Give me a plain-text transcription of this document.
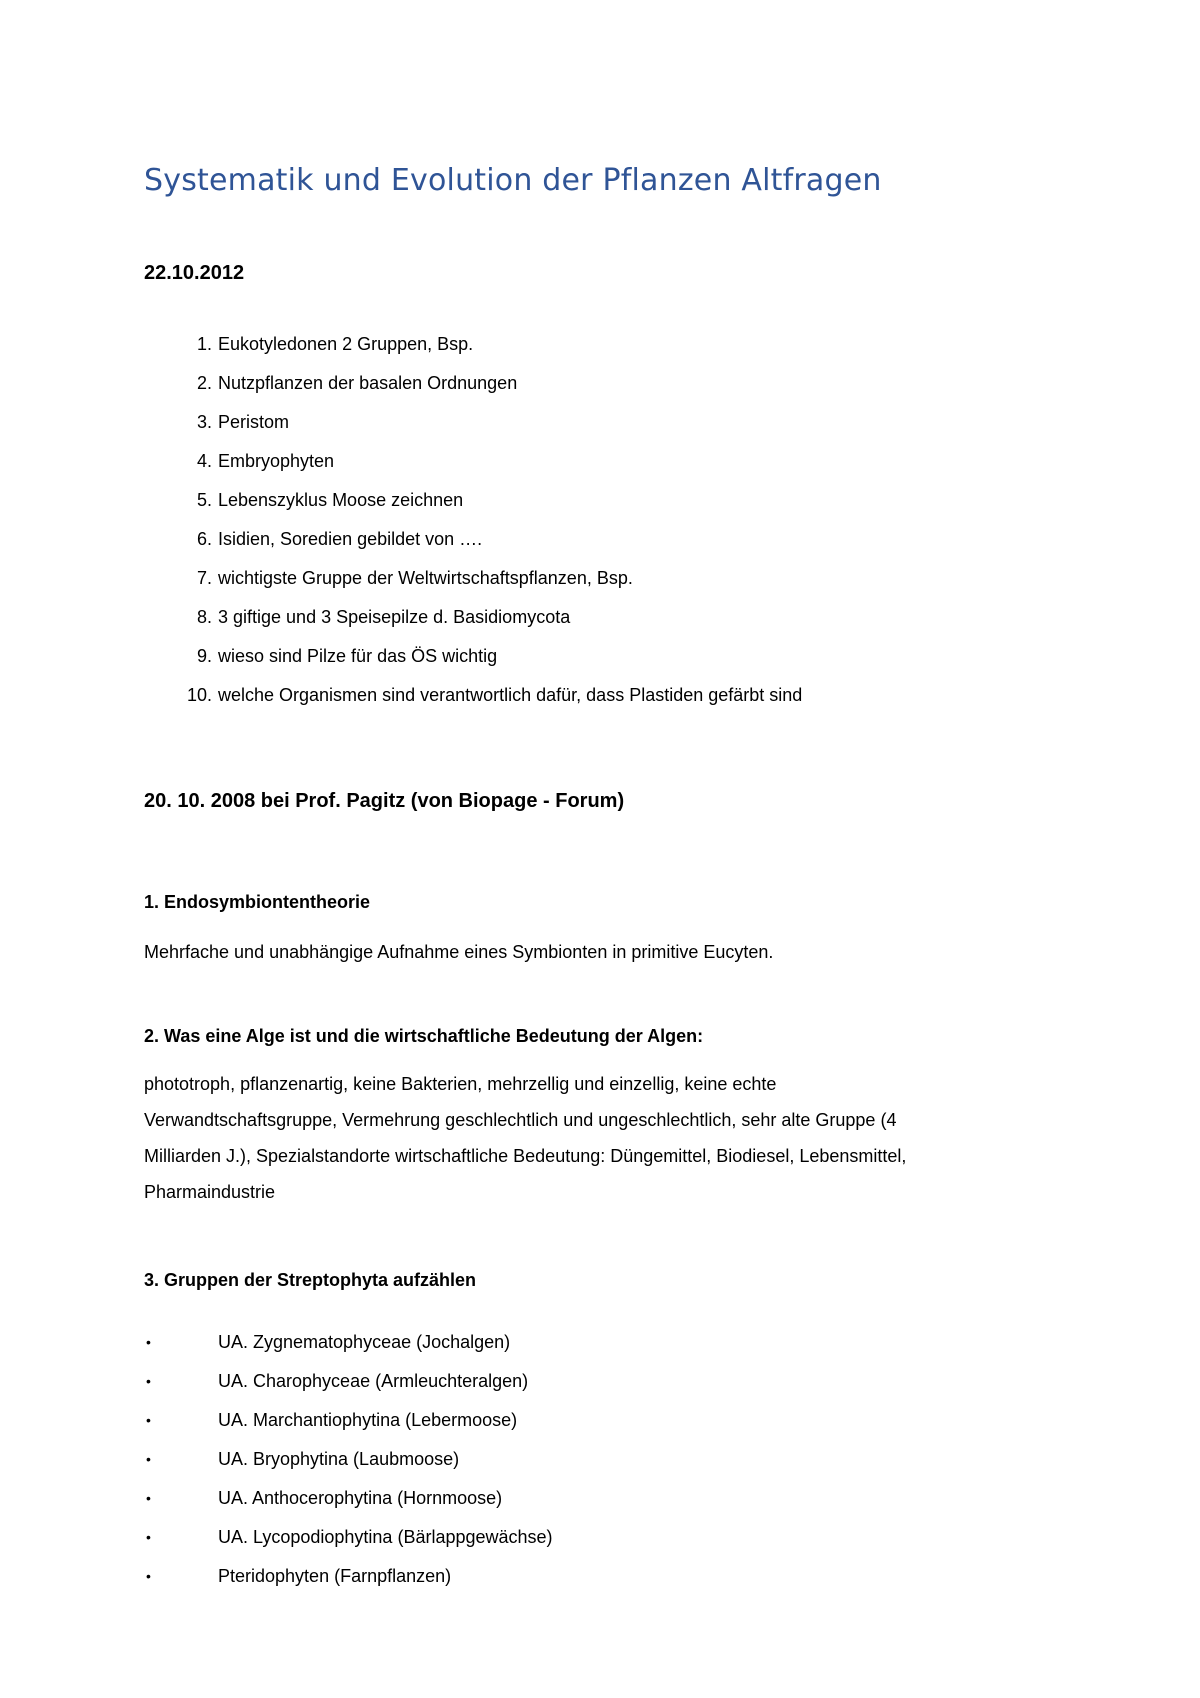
Systematik und Evolution der Pflanzen Altfragen
22.10.2012
1. Eukotyledonen 2 Gruppen, Bsp.
2. Nutzpflanzen der basalen Ordnungen
3. Peristom
4. Embryophyten
5. Lebenszyklus Moose zeichnen
6. Isidien, Soredien gebildet von ….
7. wichtigste Gruppe der Weltwirtschaftspflanzen, Bsp.
8. 3 giftige und 3 Speisepilze d. Basidiomycota
9. wieso sind Pilze für das ÖS wichtig
10. welche Organismen sind verantwortlich dafür, dass Plastiden gefärbt sind
20. 10. 2008 bei Prof. Pagitz (von Biopage - Forum)
1. Endosymbiontentheorie
Mehrfache und unabhängige Aufnahme eines Symbionten in primitive Eucyten.
2. Was eine Alge ist und die wirtschaftliche Bedeutung der Algen:
phototroph, pflanzenartig, keine Bakterien, mehrzellig und einzellig, keine echte
Verwandtschaftsgruppe, Vermehrung geschlechtlich und ungeschlechtlich, sehr alte Gruppe (4
Milliarden J.), Spezialstandorte wirtschaftliche Bedeutung: Düngemittel, Biodiesel, Lebensmittel,
Pharmaindustrie
3. Gruppen der Streptophyta aufzählen
•	UA. Zygnematophyceae (Jochalgen)
•	UA. Charophyceae (Armleuchteralgen)
•	UA. Marchantiophytina (Lebermoose)
•	UA. Bryophytina (Laubmoose)
•	UA. Anthocerophytina (Hornmoose)
•	UA. Lycopodiophytina (Bärlappgewächse)
•	Pteridophyten (Farnpflanzen)
